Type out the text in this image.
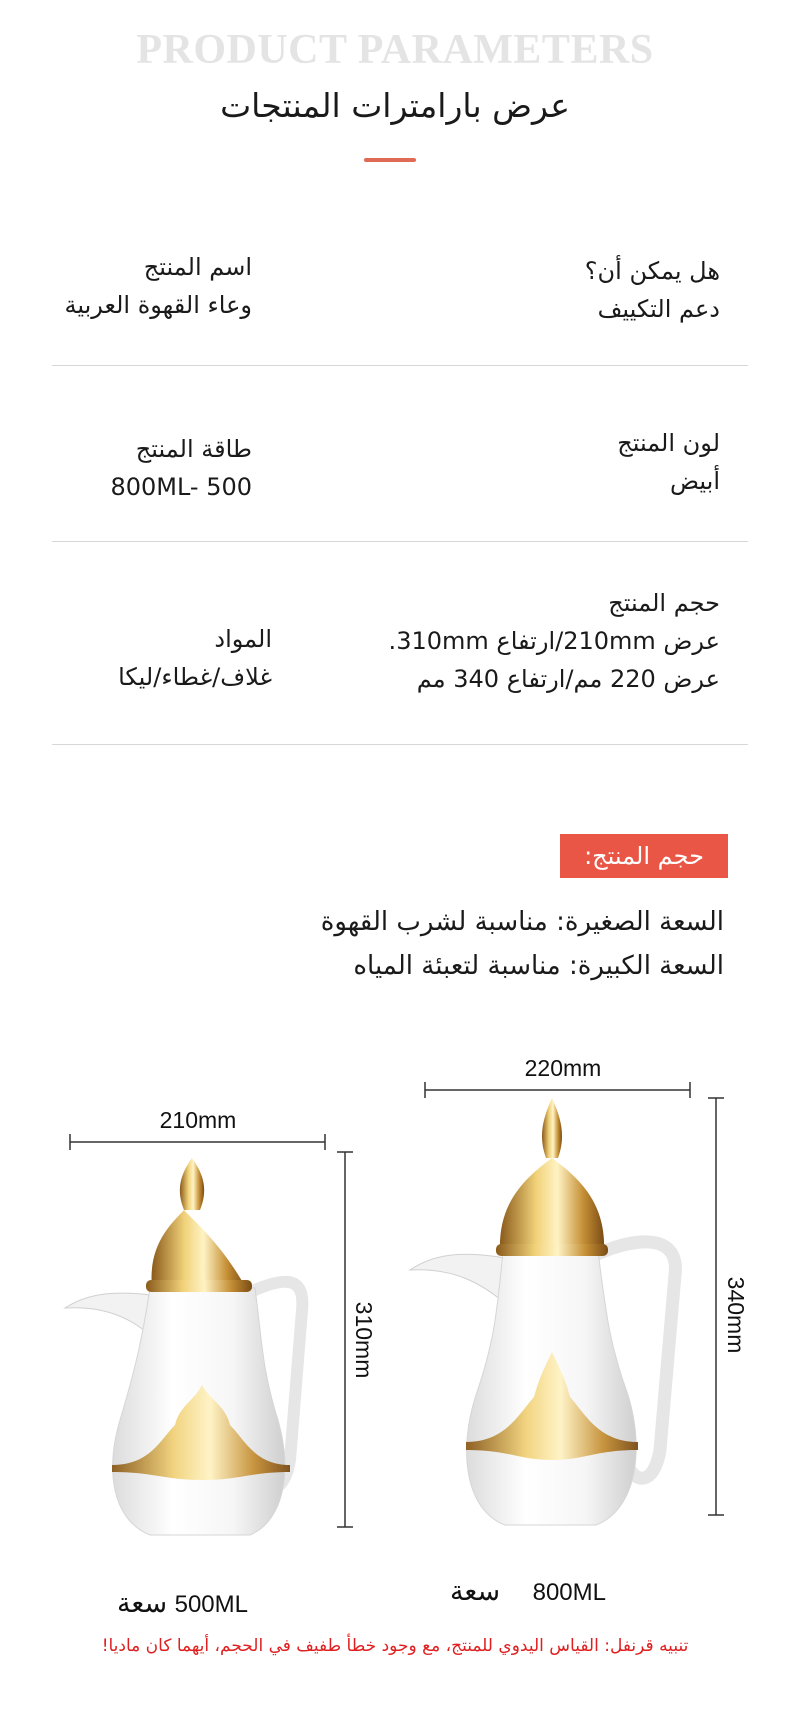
PRODUCT PARAMETERS
عرض بارامترات المنتجات
هل يمكن أن؟
دعم التكييف
اسم المنتج
وعاء القهوة العربية
لون المنتج
أبيض
طاقة المنتج
800ML- 500
حجم المنتج
عرض 210mm/ارتفاع 310mm.
عرض 220 مم/ارتفاع 340 مم
المواد
غلاف/غطاء/ليكا
حجم المنتج:
السعة الصغيرة: مناسبة لشرب القهوة
السعة الكبيرة: مناسبة لتعبئة المياه
210mm
310mm
500ML
سعة
220mm
340mm
800ML
سعة
تنبيه قرنفل: القياس اليدوي للمنتج، مع وجود خطأ طفيف في الحجم، أيهما كان ماديا!
